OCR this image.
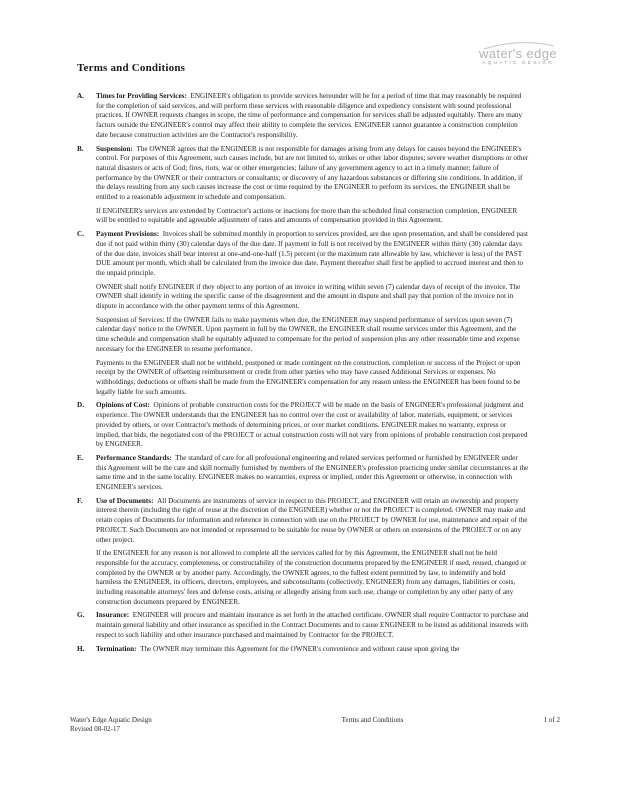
water's edge
AQUATIC DESIGN
Terms and Conditions
A.	Times for Providing Services: ENGINEER's obligation to provide services hereunder will be for a period of time that may reasonably be required for the completion of said services, and will perform these services with reasonable diligence and expediency consistent with sound professional practices. If OWNER requests changes in scope, the time of performance and compensation for services shall be adjusted equitably. There are many factors outside the ENGINEER's control may affect their ability to complete the services. ENGINEER cannot guarantee a construction completion date because construction activities are the Contractor's responsibility.

B.	Suspension: The OWNER agrees that the ENGINEER is not responsible for damages arising from any delays for causes beyond the ENGINEER's control. For purposes of this Agreement, such causes include, but are not limited to, strikes or other labor disputes; severe weather disruptions or other natural disasters or acts of God; fires, riots, war or other emergencies; failure of any government agency to act in a timely manner; failure of performance by the OWNER or their contractors or consultants; or discovery of any hazardous substances or differing site conditions. In addition, if the delays resulting from any such causes increase the cost or time required by the ENGINEER to perform its services, the ENGINEER shall be entitled to a reasonable adjustment in schedule and compensation.

If ENGINEER's services are extended by Contractor's actions or inactions for more than the scheduled final construction completion, ENGINEER will be entitled to equitable and agreeable adjustment of rates and amounts of compensation provided in this Agreement.

C.	Payment Provisions: Invoices shall be submitted monthly in proportion to services provided, are due upon presentation, and shall be considered past due if not paid within thirty (30) calendar days of the due date. If payment in full is not received by the ENGINEER within thirty (30) calendar days of the due date, invoices shall bear interest at one-and-one-half (1.5) percent (or the maximum rate allowable by law, whichever is less) of the PAST DUE amount per month, which shall be calculated from the invoice due date. Payment thereafter shall first be applied to accrued interest and then to the unpaid principle.

OWNER shall notify ENGINEER if they object to any portion of an invoice in writing within seven (7) calendar days of receipt of the invoice. The OWNER shall identify in writing the specific cause of the disagreement and the amount in dispute and shall pay that portion of the invoice not in dispute in accordance with the other payment terms of this Agreement.

Suspension of Services: If the OWNER fails to make payments when due, the ENGINEER may suspend performance of services upon seven (7) calendar days' notice to the OWNER. Upon payment in full by the OWNER, the ENGINEER shall resume services under this Agreement, and the time schedule and compensation shall be equitably adjusted to compensate for the period of suspension plus any other reasonable time and expense necessary for the ENGINEER to resume performance.

Payments to the ENGINEER shall not be withheld, postponed or made contingent on the construction, completion or success of the Project or upon receipt by the OWNER of offsetting reimbursement or credit from other parties who may have caused Additional Services or expenses. No withholdings, deductions or offsets shall be made from the ENGINEER's compensation for any reason unless the ENGINEER has been found to be legally liable for such amounts.

D.	Opinions of Cost: Opinions of probable construction costs for the PROJECT will be made on the basis of ENGINEER's professional judgment and experience. The OWNER understands that the ENGINEER has no control over the cost or availability of labor, materials, equipment, or services provided by others, or over Contractor's methods of determining prices, or over market conditions. ENGINEER makes no warranty, express or implied, that bids, the negotiated cost of the PROJECT or actual construction costs will not vary from opinions of probable construction cost prepared by ENGINEER.

E.	Performance Standards: The standard of care for all professional engineering and related services performed or furnished by ENGINEER under this Agreement will be the care and skill normally furnished by members of the ENGINEER's profession practicing under similar circumstances at the same time and in the same locality. ENGINEER makes no warranties, express or implied, under this Agreement or otherwise, in connection with ENGINEER's services.

F.	Use of Documents: All Documents are instruments of service in respect to this PROJECT, and ENGINEER will retain an ownership and property interest therein (including the right of reuse at the discretion of the ENGINEER) whether or not the PROJECT is completed. OWNER may make and retain copies of Documents for information and reference in connection with use on the PROJECT by OWNER for use, maintenance and repair of the PROJECT. Such Documents are not intended or represented to be suitable for reuse by OWNER or others on extensions of the PROJECT or on any other project.

If the ENGINEER for any reason is not allowed to complete all the services called for by this Agreement, the ENGINEER shall not be held responsible for the accuracy, completeness, or constructability of the construction documents prepared by the ENGINEER if used, reused, changed or completed by the OWNER or by another party. Accordingly, the OWNER agrees, to the fullest extent permitted by law, to indemnify and hold harmless the ENGINEER, its officers, directors, employees, and subconsultants (collectively, ENGINEER) from any damages, liabilities or costs, including reasonable attorneys' fees and defense costs, arising or allegedly arising from such use, change or completion by any other party of any construction documents prepared by ENGINEER.

G.	Insurance: ENGINEER will procure and maintain insurance as set forth in the attached certificate. OWNER shall require Contractor to purchase and maintain general liability and other insurance as specified in the Contract Documents and to cause ENGINEER to be listed as additional insureds with respect to such liability and other insurance purchased and maintained by Contractor for the PROJECT.

H.	Termination: The OWNER may terminate this Agreement for the OWNER's convenience and without cause upon giving the

Water's Edge Aquatic Design
Revised 08-02-17
Terms and Conditions	1 of 2
